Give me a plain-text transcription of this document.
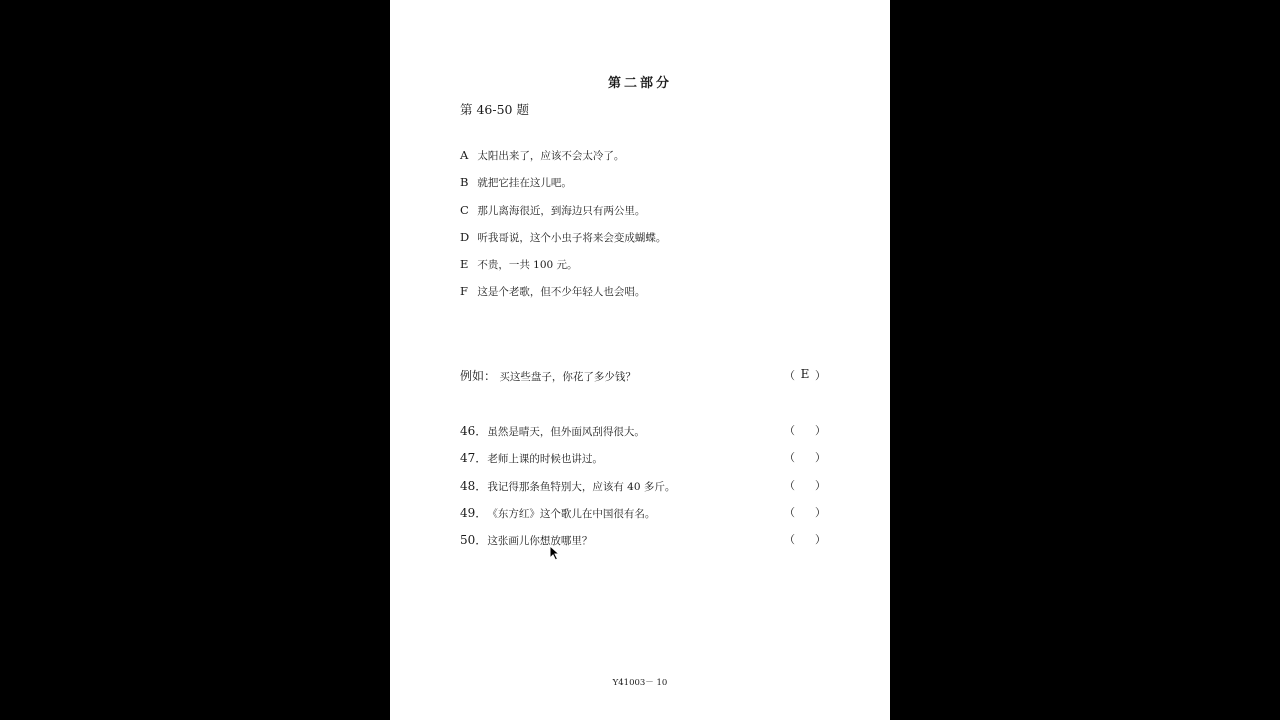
第二部分
第 46-50 题
A 太阳出来了，应该不会太冷了。
B 就把它挂在这儿吧。
C 那儿离海很近，到海边只有两公里。
D 听我哥说，这个小虫子将来会变成蝴蝶。
E 不贵，一共 100 元。
F 这是个老歌，但不少年轻人也会唱。
例如： 买这些盘子，你花了多少钱？	（ E ）
46． 虽然是晴天，但外面风刮得很大。	（ ）
47． 老师上课的时候也讲过。	（ ）
48． 我记得那条鱼特别大，应该有 40 多斤。	（ ）
49． 《东方红》这个歌儿在中国很有名。	（ ）
50． 这张画儿你想放哪里？	（ ）
Y41003－ 10
